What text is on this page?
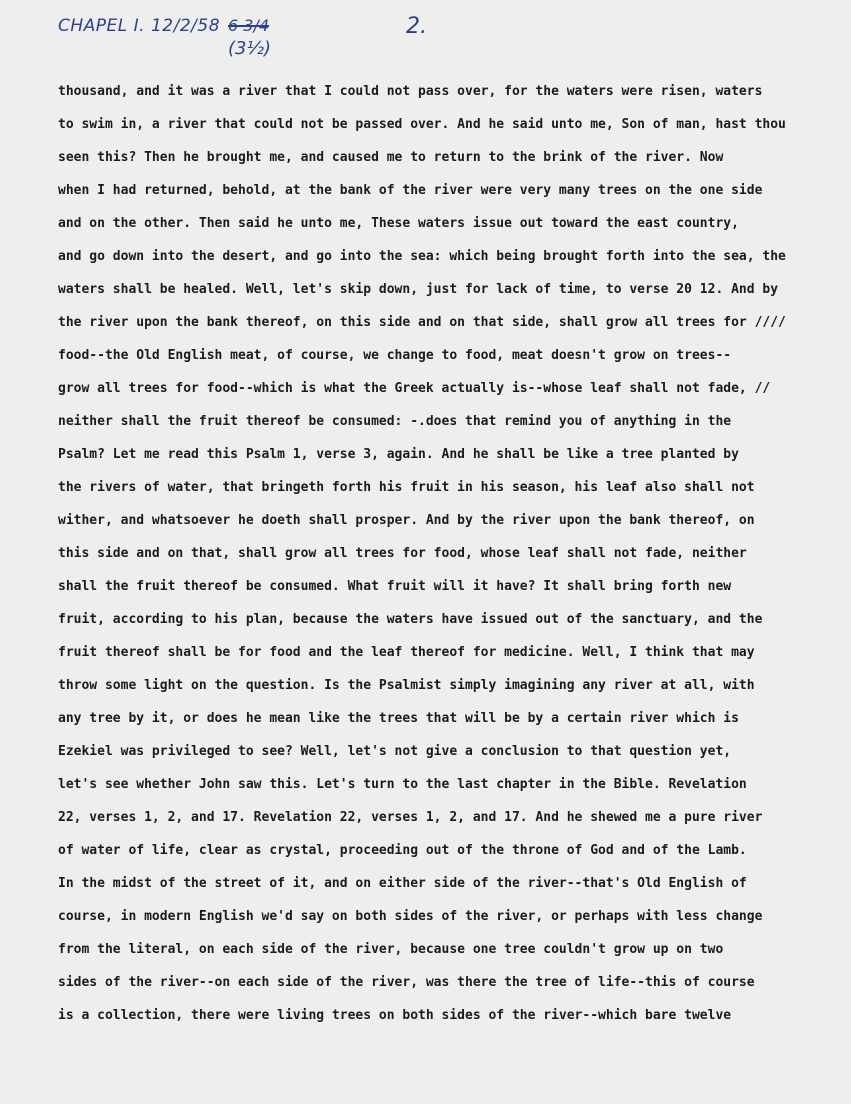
CHAPEL I. 12/2/58 6 3/4
(3½)
2.
thousand, and it was a river that I could not pass over, for the waters were risen, waters
to swim in, a river that could not be passed over. And he said unto me, Son of man, hast thou
seen this? Then he brought me, and caused me to return to the brink of the river. Now
when I had returned, behold, at the bank of the river were very many trees on the one side
and on the other. Then said he unto me, These waters issue out toward the east country,
and go down into the desert, and go into the sea: which being brought forth into the sea, the
waters shall be healed. Well, let's skip down, just for lack of time, to verse 20 12. And by
the river upon the bank thereof, on this side and on that side, shall grow all trees for ////
food--the Old English meat, of course, we change to food, meat doesn't grow on trees--
grow all trees for food--which is what the Greek actually is--whose leaf shall not fade, //
neither shall the fruit thereof be consumed: -.does that remind you of anything in the
Psalm? Let me read this Psalm 1, verse 3, again. And he shall be like a tree planted by
the rivers of water, that bringeth forth his fruit in his season, his leaf also shall not
wither, and whatsoever he doeth shall prosper. And by the river upon the bank thereof, on
this side and on that, shall grow all trees for food, whose leaf shall not fade, neither
shall the fruit thereof be consumed. What fruit will it have? It shall bring forth new
fruit, according to his plan, because the waters have issued out of the sanctuary, and the
fruit thereof shall be for food and the leaf thereof for medicine. Well, I think that may
throw some light on the question. Is the Psalmist simply imagining any river at all, with
any tree by it, or does he mean like the trees that will be by a certain river which is
Ezekiel was privileged to see? Well, let's not give a conclusion to that question yet,
let's see whether John saw this. Let's turn to the last chapter in the Bible. Revelation
22, verses 1, 2, and 17. Revelation 22, verses 1, 2, and 17. And he shewed me a pure river
of water of life, clear as crystal, proceeding out of the throne of God and of the Lamb.
In the midst of the street of it, and on either side of the river--that's Old English of
course, in modern English we'd say on both sides of the river, or perhaps with less change
from the literal, on each side of the river, because one tree couldn't grow up on two
sides of the river--on each side of the river, was there the tree of life--this of course
is a collection, there were living trees on both sides of the river--which bare twelve
